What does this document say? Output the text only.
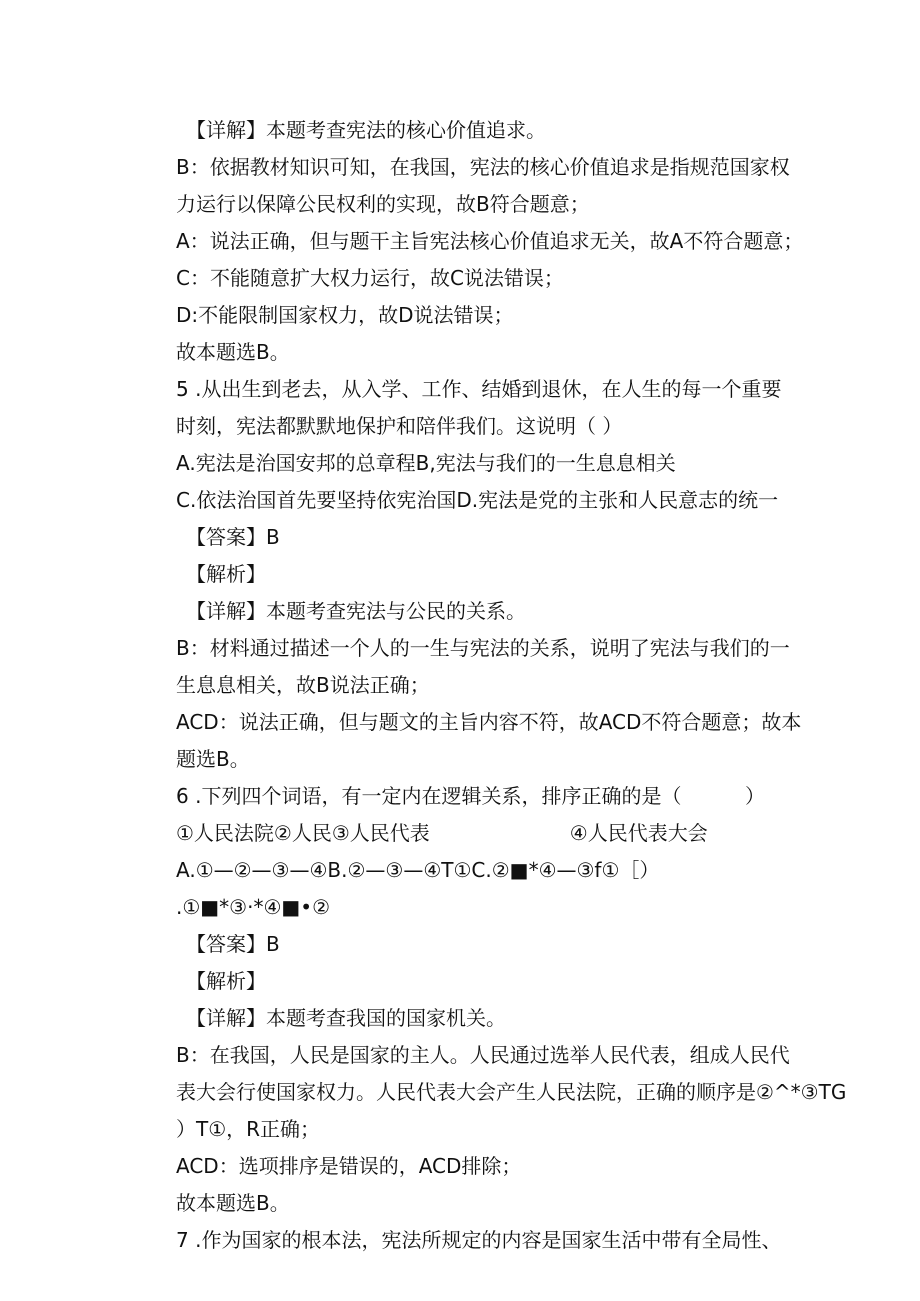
【详解】本题考查宪法的核心价值追求。
B：依据教材知识可知，在我国，宪法的核心价值追求是指规范国家权
力运行以保障公民权利的实现，故B符合题意；
A：说法正确，但与题干主旨宪法核心价值追求无关，故A不符合题意；
C：不能随意扩大权力运行，故C说法错误；
D:不能限制国家权力，故D说法错误；
故本题选B。
5 .从出生到老去，从入学、工作、结婚到退休，在人生的每一个重要
时刻，宪法都默默地保护和陪伴我们。这说明（ ）
A.宪法是治国安邦的总章程B,宪法与我们的一生息息相关
C.依法治国首先要坚持依宪治国D.宪法是党的主张和人民意志的统一
【答案】B
【解析】
【详解】本题考查宪法与公民的关系。
B：材料通过描述一个人的一生与宪法的关系，说明了宪法与我们的一
生息息相关，故B说法正确；
ACD：说法正确，但与题文的主旨内容不符，故ACD不符合题意；故本
题选B。
6 .下列四个词语，有一定内在逻辑关系，排序正确的是（          ）
①人民法院②人民③人民代表	④人民代表大会
A.①—②—③—④B.②—③—④T①C.②■*④—③f①［）
.①■*③·*④■•②
【答案】B
【解析】
【详解】本题考查我国的国家机关。
B：在我国，人民是国家的主人。人民通过选举人民代表，组成人民代
表大会行使国家权力。人民代表大会产生人民法院，正确的顺序是②^*③TG
）T①，R正确；
ACD：选项排序是错误的，ACD排除；
故本题选B。
7 .作为国家的根本法，宪法所规定的内容是国家生活中带有全局性、
